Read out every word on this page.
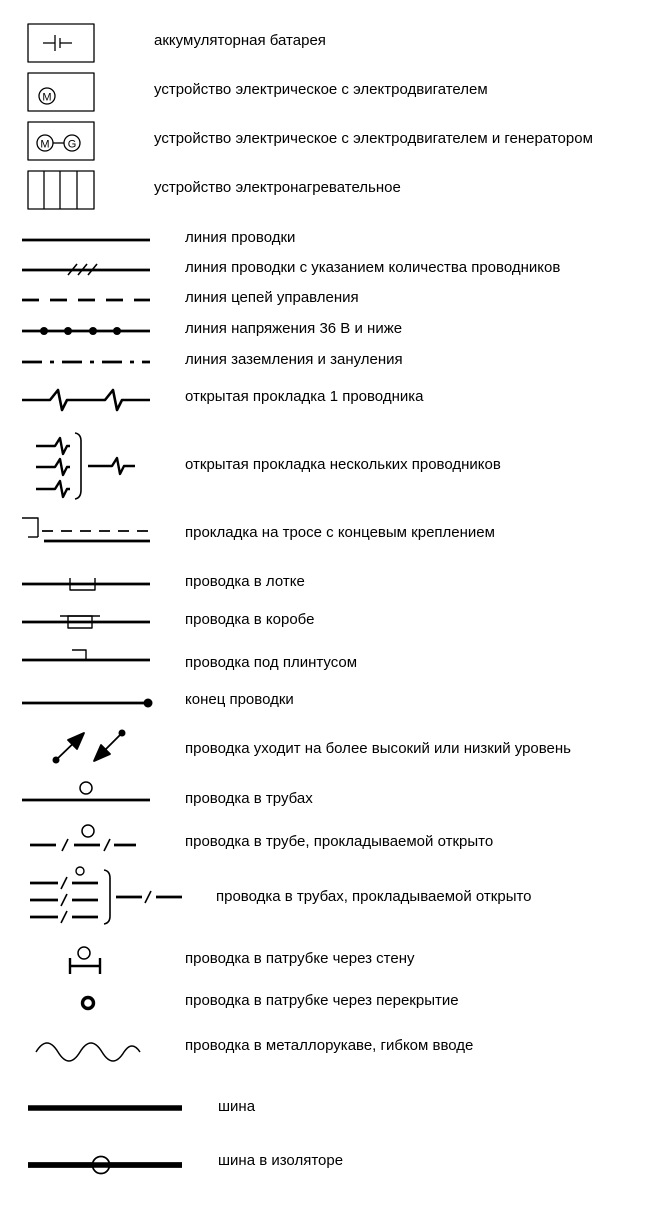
M
M G
аккумуляторная батарея
устройство электрическое с электродвигателем
устройство электрическое с электродвигателем и генератором
устройство электронагревательное
линия проводки
линия проводки с указанием количества проводников
линия цепей управления
линия напряжения 36 В и ниже
линия заземления и зануления
открытая прокладка 1 проводника
открытая прокладка нескольких проводников
прокладка на тросе с концевым креплением
проводка в лотке
проводка в коробе
проводка под плинтусом
конец проводки
проводка уходит на более высокий или низкий уровень
проводка в трубах
проводка в трубе, прокладываемой открыто
проводка в трубах, прокладываемой открыто
проводка в патрубке через стену
проводка в патрубке через перекрытие
проводка в металлорукаве, гибком вводе
шина
шина в изоляторе
